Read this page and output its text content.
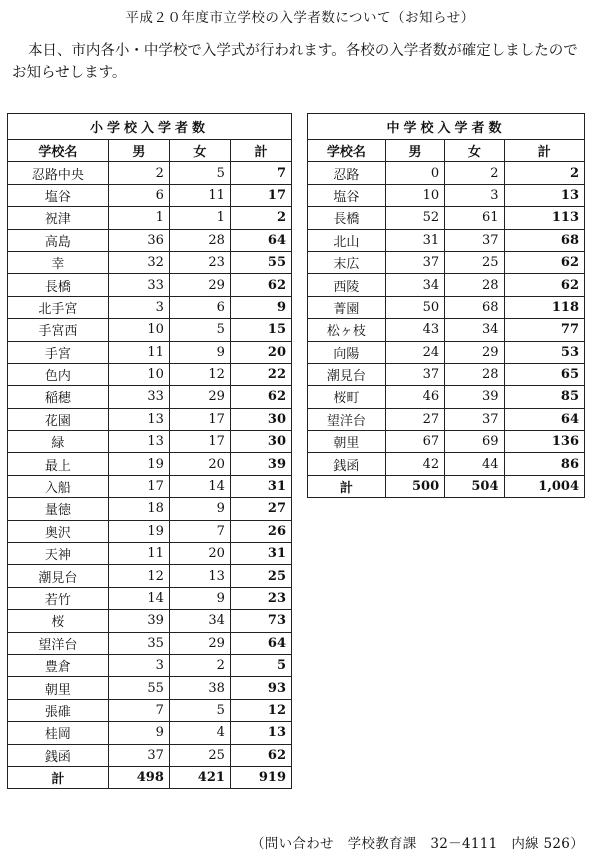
平成２０年度市立学校の入学者数について（お知らせ）
本日、市内各小・中学校で入学式が行われます。各校の入学者数が確定しましたのでお知らせします。
小学校入学者数			
学校名	男	女	計
忍路中央	2	5	7
塩谷	6	11	17
祝津	1	1	2
高島	36	28	64
幸	32	23	55
長橋	33	29	62
北手宮	3	6	9
手宮西	10	5	15
手宮	11	9	20
色内	10	12	22
稲穂	33	29	62
花園	13	17	30
緑	13	17	30
最上	19	20	39
入船	17	14	31
量徳	18	9	27
奥沢	19	7	26
天神	11	20	31
潮見台	12	13	25
若竹	14	9	23
桜	39	34	73
望洋台	35	29	64
豊倉	3	2	5
朝里	55	38	93
張碓	7	5	12
桂岡	9	4	13
銭函	37	25	62
計	498	421	919
中学校入学者数			
学校名	男	女	計
忍路	0	2	2
塩谷	10	3	13
長橋	52	61	113
北山	31	37	68
末広	37	25	62
西陵	34	28	62
菁園	50	68	118
松ヶ枝	43	34	77
向陽	24	29	53
潮見台	37	28	65
桜町	46	39	85
望洋台	27	37	64
朝里	67	69	136
銭函	42	44	86
計	500	504	1,004
（問い合わせ　学校教育課　32－4111　内線 526）
